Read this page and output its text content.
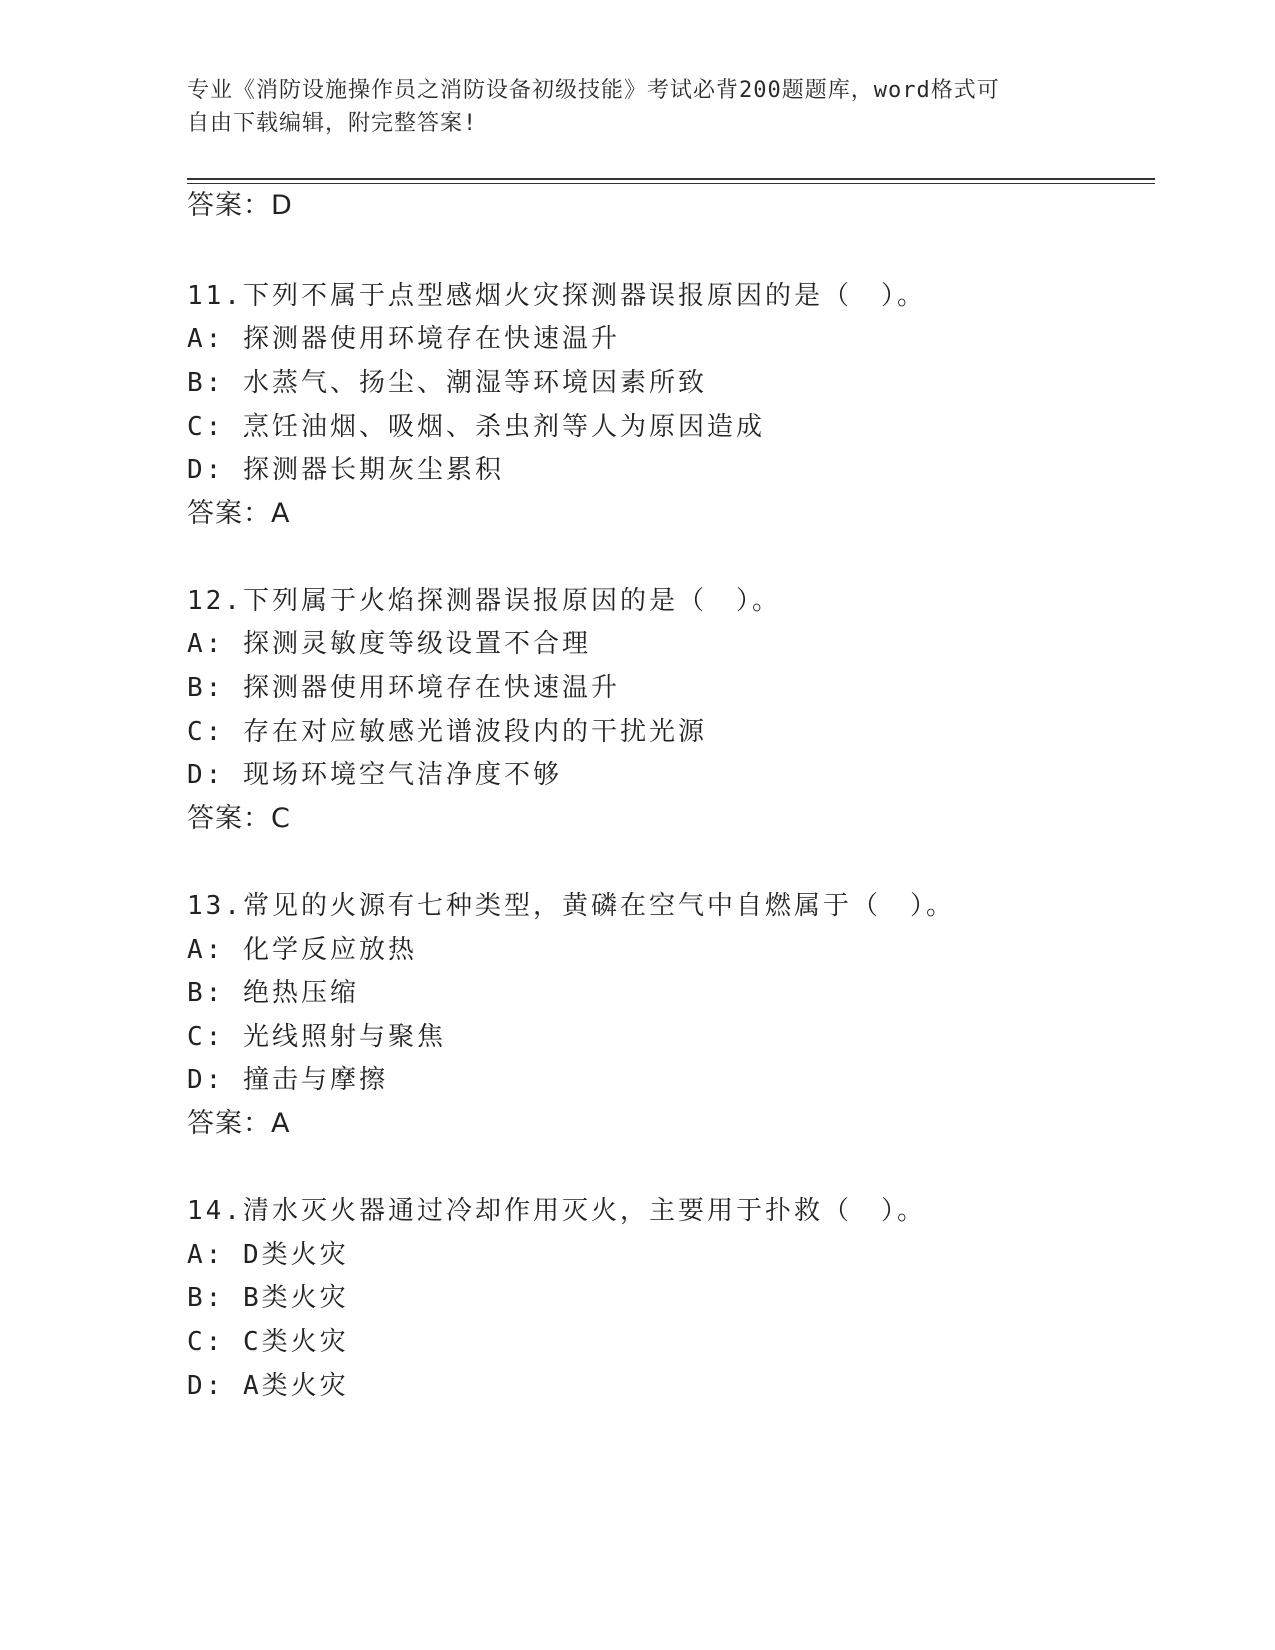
专业《消防设施操作员之消防设备初级技能》考试必背200题题库，word格式可
自由下载编辑，附完整答案!
答案：D
11.下列不属于点型感烟火灾探测器误报原因的是（　）。
A: 探测器使用环境存在快速温升
B: 水蒸气、扬尘、潮湿等环境因素所致
C: 烹饪油烟、吸烟、杀虫剂等人为原因造成
D: 探测器长期灰尘累积
答案：A
12.下列属于火焰探测器误报原因的是（　）。
A: 探测灵敏度等级设置不合理
B: 探测器使用环境存在快速温升
C: 存在对应敏感光谱波段内的干扰光源
D: 现场环境空气洁净度不够
答案：C
13.常见的火源有七种类型，黄磷在空气中自燃属于（　）。
A: 化学反应放热
B: 绝热压缩
C: 光线照射与聚焦
D: 撞击与摩擦
答案：A
14.清水灭火器通过冷却作用灭火，主要用于扑救（　）。
A: D类火灾
B: B类火灾
C: C类火灾
D: A类火灾
